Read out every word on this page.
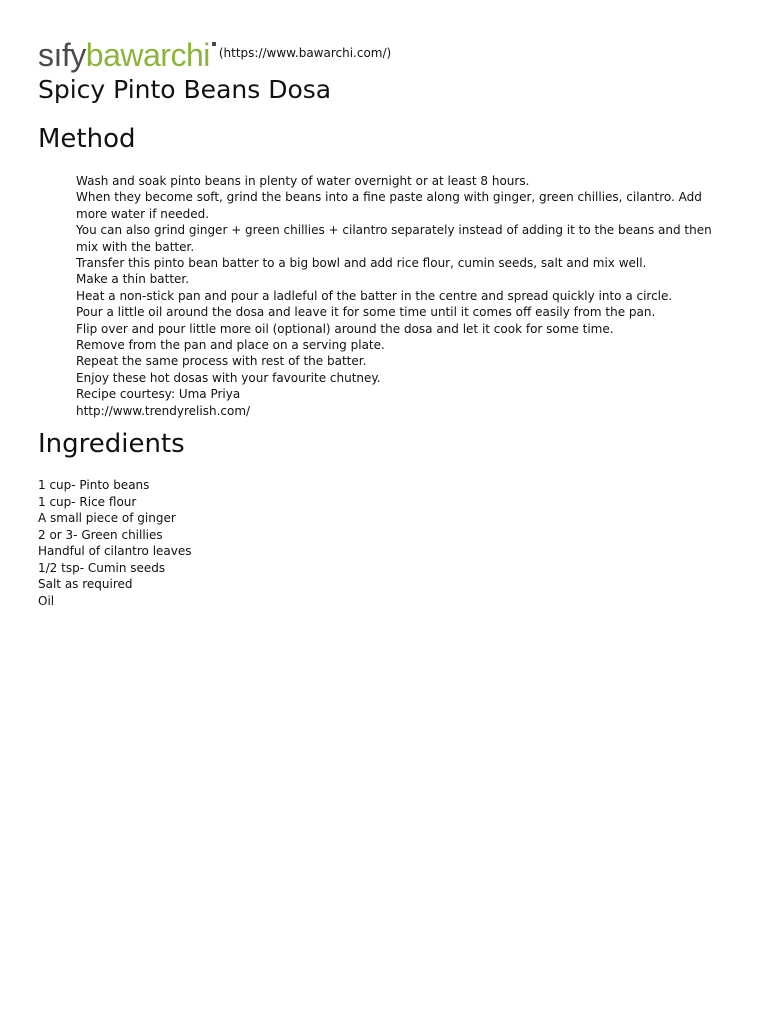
sıfy bawarchi (https://www.bawarchi.com/)
Spicy Pinto Beans Dosa
Method
Wash and soak pinto beans in plenty of water overnight or at least 8 hours.
When they become soft, grind the beans into a fine paste along with ginger, green chillies, cilantro. Add more water if needed.
You can also grind ginger + green chillies + cilantro separately instead of adding it to the beans and then mix with the batter.
Transfer this pinto bean batter to a big bowl and add rice flour, cumin seeds, salt and mix well.
Make a thin batter.
Heat a non-stick pan and pour a ladleful of the batter in the centre and spread quickly into a circle.
Pour a little oil around the dosa and leave it for some time until it comes off easily from the pan.
Flip over and pour little more oil (optional) around the dosa and let it cook for some time.
Remove from the pan and place on a serving plate.
Repeat the same process with rest of the batter.
Enjoy these hot dosas with your favourite chutney.
Recipe courtesy: Uma Priya
http://www.trendyrelish.com/
Ingredients
1 cup- Pinto beans
1 cup- Rice flour
A small piece of ginger
2 or 3- Green chillies
Handful of cilantro leaves
1/2 tsp- Cumin seeds
Salt as required
Oil
